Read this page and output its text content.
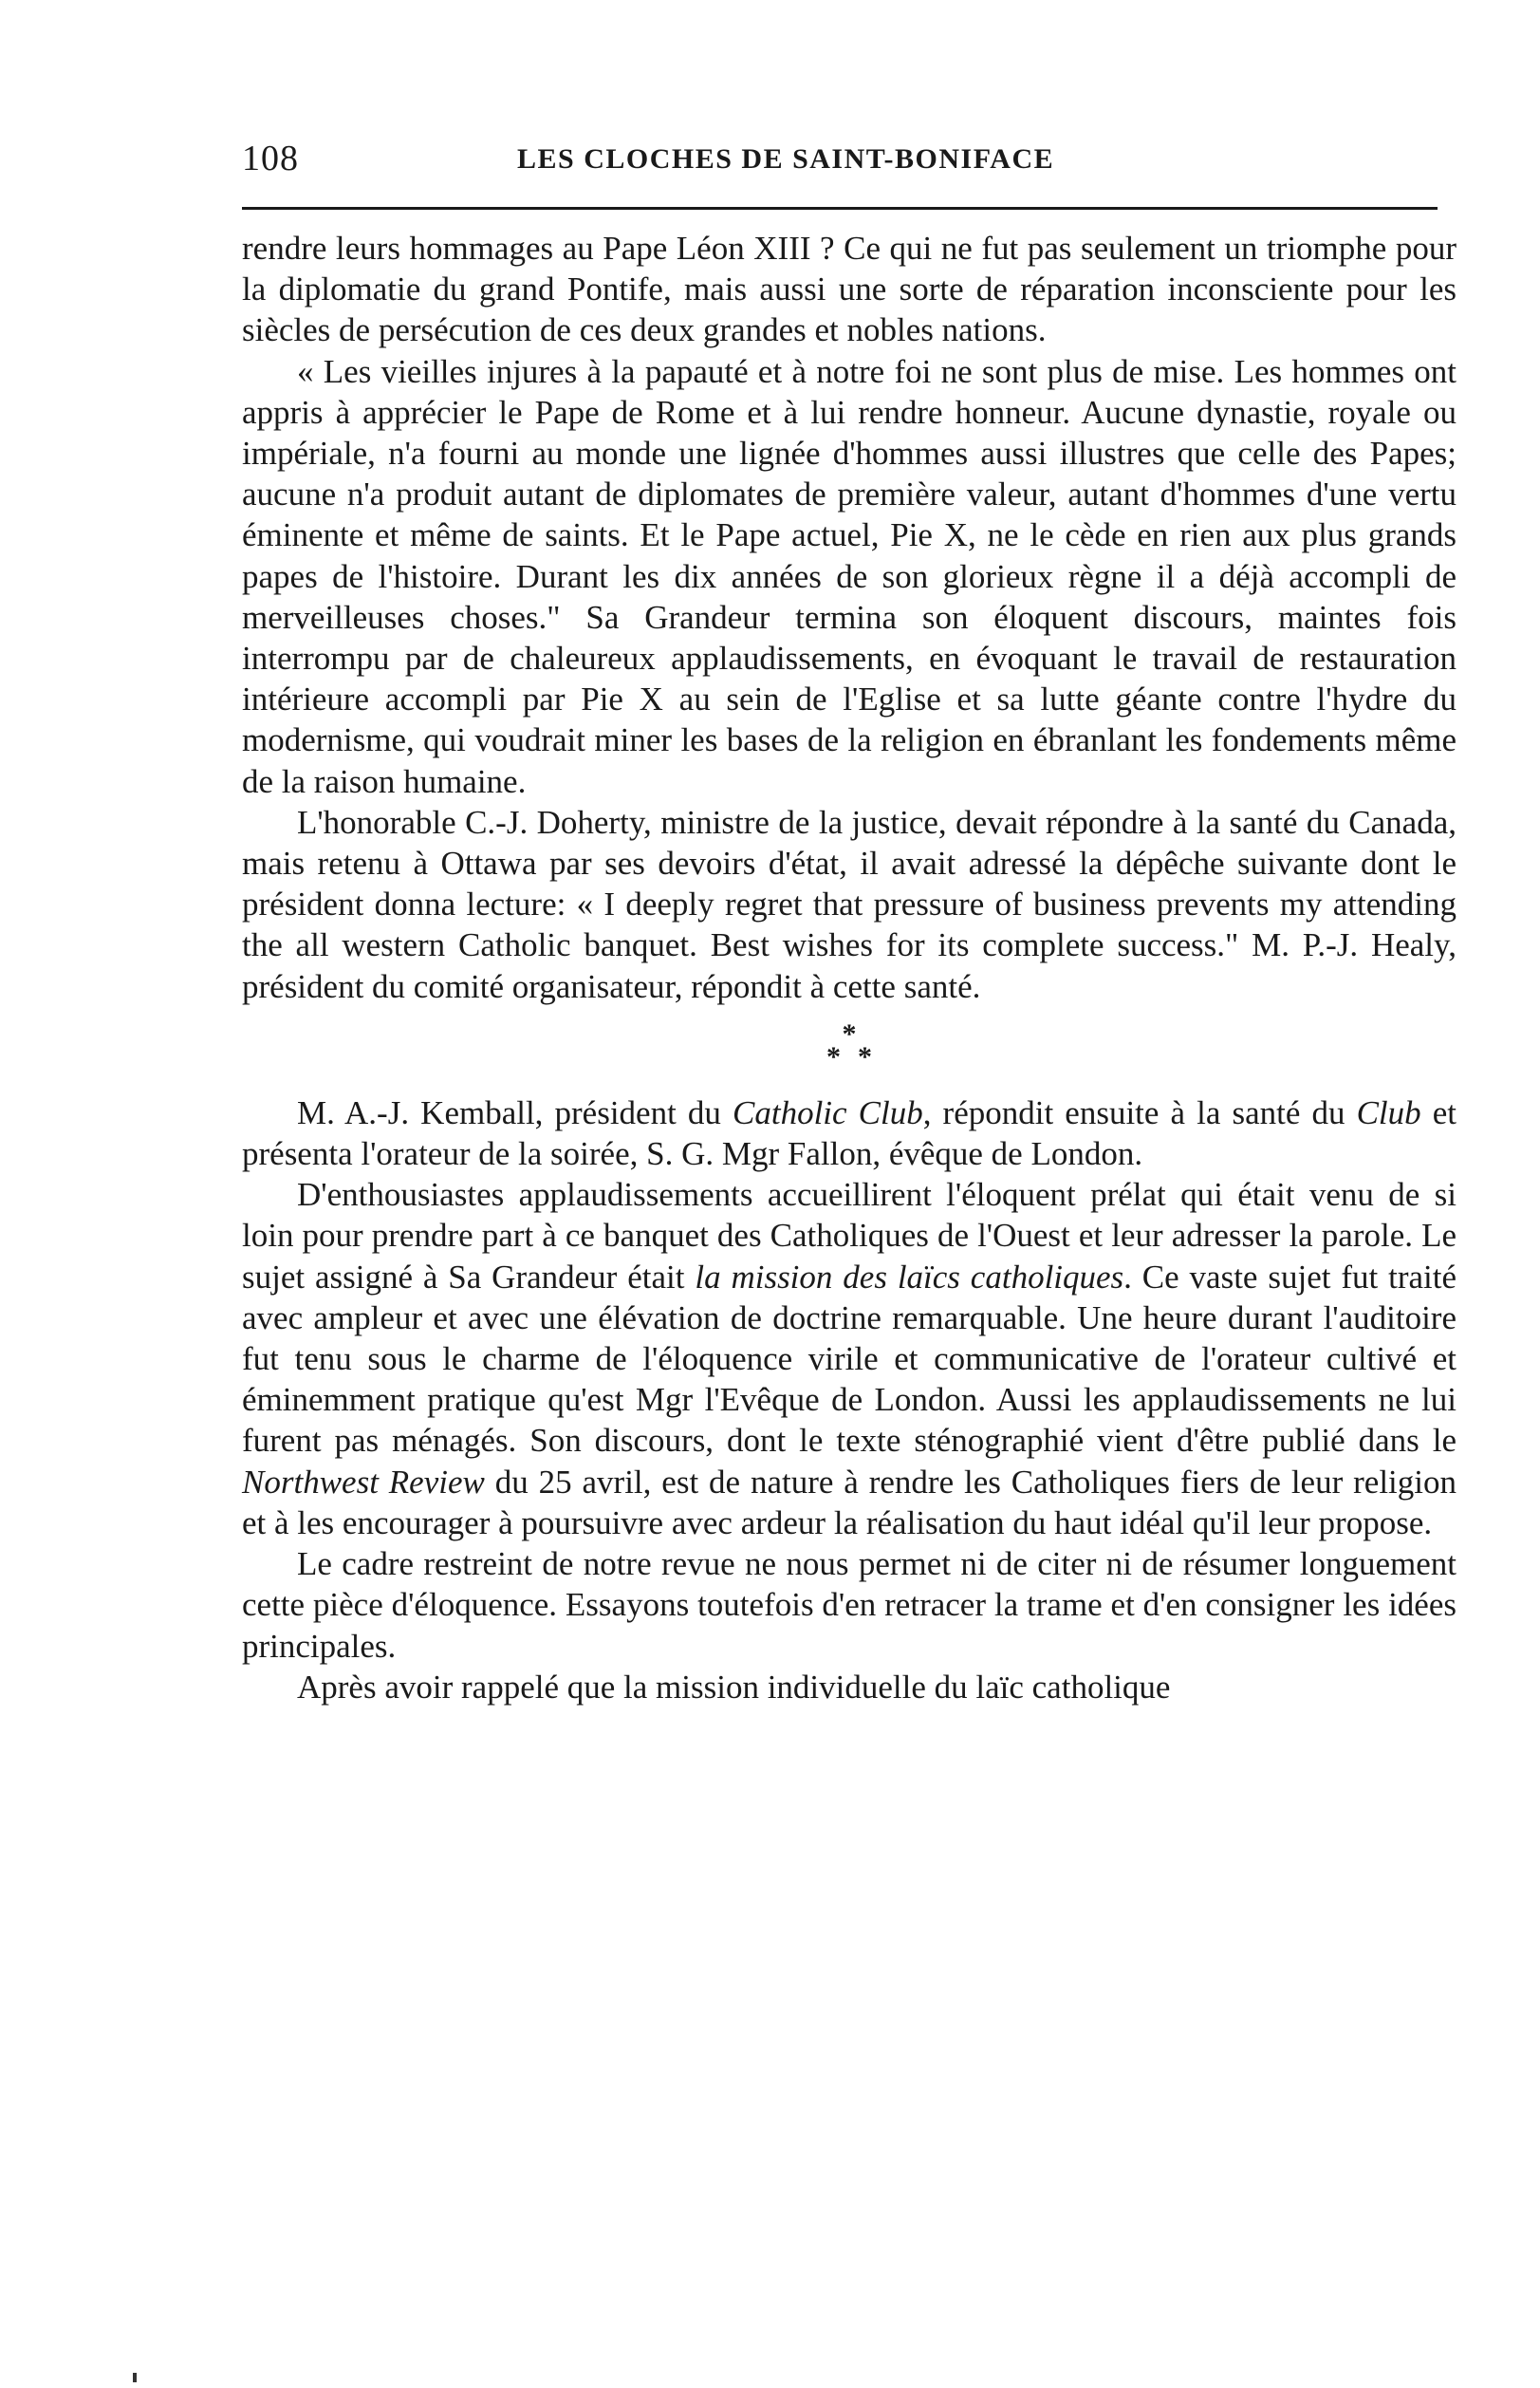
108	LES CLOCHES DE SAINT-BONIFACE

rendre leurs hommages au Pape Léon XIII ? Ce qui ne fut pas seulement un triomphe pour la diplomatie du grand Pontife, mais aussi une sorte de réparation inconsciente pour les siècles de persécution de ces deux grandes et nobles nations.

« Les vieilles injures à la papauté et à notre foi ne sont plus de mise. Les hommes ont appris à apprécier le Pape de Rome et à lui rendre honneur. Aucune dynastie, royale ou impériale, n'a fourni au monde une lignée d'hommes aussi illustres que celle des Papes; aucune n'a produit autant de diplomates de première valeur, autant d'hommes d'une vertu éminente et même de saints. Et le Pape actuel, Pie X, ne le cède en rien aux plus grands papes de l'histoire. Durant les dix années de son glorieux règne il a déjà accompli de merveilleuses choses." Sa Grandeur termina son éloquent discours, maintes fois interrompu par de chaleureux applaudissements, en évoquant le travail de restauration intérieure accompli par Pie X au sein de l'Eglise et sa lutte géante contre l'hydre du modernisme, qui voudrait miner les bases de la religion en ébranlant les fondements même de la raison humaine.

L'honorable C.-J. Doherty, ministre de la justice, devait répondre à la santé du Canada, mais retenu à Ottawa par ses devoirs d'état, il avait adressé la dépêche suivante dont le président donna lecture: « I deeply regret that pressure of business prevents my attending the all western Catholic banquet. Best wishes for its complete success." M. P.-J. Healy, président du comité organisateur, répondit à cette santé.

*
**

M. A.-J. Kemball, président du Catholic Club, répondit ensuite à la santé du Club et présenta l'orateur de la soirée, S. G. Mgr Fallon, évêque de London.

D'enthousiastes applaudissements accueillirent l'éloquent prélat qui était venu de si loin pour prendre part à ce banquet des Catholiques de l'Ouest et leur adresser la parole. Le sujet assigné à Sa Grandeur était la mission des laïcs catholiques. Ce vaste sujet fut traité avec ampleur et avec une élévation de doctrine remarquable. Une heure durant l'auditoire fut tenu sous le charme de l'éloquence virile et communicative de l'orateur cultivé et éminemment pratique qu'est Mgr l'Evêque de London. Aussi les applaudissements ne lui furent pas ménagés. Son discours, dont le texte sténographié vient d'être publié dans le Northwest Review du 25 avril, est de nature à rendre les Catholiques fiers de leur religion et à les encourager à poursuivre avec ardeur la réalisation du haut idéal qu'il leur propose.

Le cadre restreint de notre revue ne nous permet ni de citer ni de résumer longuement cette pièce d'éloquence. Essayons toutefois d'en retracer la trame et d'en consigner les idées principales.

Après avoir rappelé que la mission individuelle du laïc catholique
